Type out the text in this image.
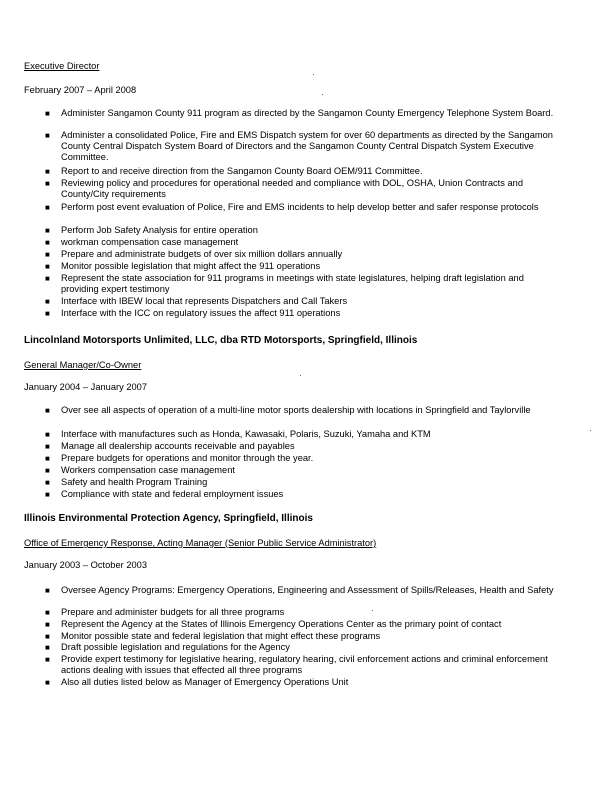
Executive Director
February 2007 – April 2008
■ Administer Sangamon County 911 program as directed by the Sangamon County Emergency Telephone System Board.
■ Administer a consolidated Police, Fire and EMS Dispatch system for over 60 departments as directed by the Sangamon County Central Dispatch System Board of Directors and the Sangamon County Central Dispatch System Executive Committee.
■ Report to and receive direction from the Sangamon County Board OEM/911 Committee.
■ Reviewing policy and procedures for operational needed and compliance with DOL, OSHA, Union Contracts and County/City requirements
■ Perform post event evaluation of Police, Fire and EMS incidents to help develop better and safer response protocols
■ Perform Job Safety Analysis for entire operation
■ workman compensation case management
■ Prepare and administrate budgets of over six million dollars annually
■ Monitor possible legislation that might affect the 911 operations
■ Represent the state association for 911 programs in meetings with state legislatures, helping draft legislation and providing expert testimony
■ Interface with IBEW local that represents Dispatchers and Call Takers
■ Interface with the ICC on regulatory issues the affect 911 operations
Lincolnland Motorsports Unlimited, LLC, dba RTD Motorsports, Springfield, Illinois
General Manager/Co-Owner
January 2004 – January 2007
■ Over see all aspects of operation of a multi-line motor sports dealership with locations in Springfield and Taylorville
■ Interface with manufactures such as Honda, Kawasaki, Polaris, Suzuki, Yamaha and KTM
■ Manage all dealership accounts receivable and payables
■ Prepare budgets for operations and monitor through the year.
■ Workers compensation case management
■ Safety and health Program Training
■ Compliance with state and federal employment issues
Illinois Environmental Protection Agency, Springfield, Illinois
Office of Emergency Response, Acting Manager (Senior Public Service Administrator)
January 2003 – October 2003
■ Oversee Agency Programs: Emergency Operations, Engineering and Assessment of Spills/Releases, Health and Safety
■ Prepare and administer budgets for all three programs
■ Represent the Agency at the States of Illinois Emergency Operations Center as the primary point of contact
■ Monitor possible state and federal legislation that might effect these programs
■ Draft possible legislation and regulations for the Agency
■ Provide expert testimony for legislative hearing, regulatory hearing, civil enforcement actions and criminal enforcement actions dealing with issues that effected all three programs
■ Also all duties listed below as Manager of Emergency Operations Unit
